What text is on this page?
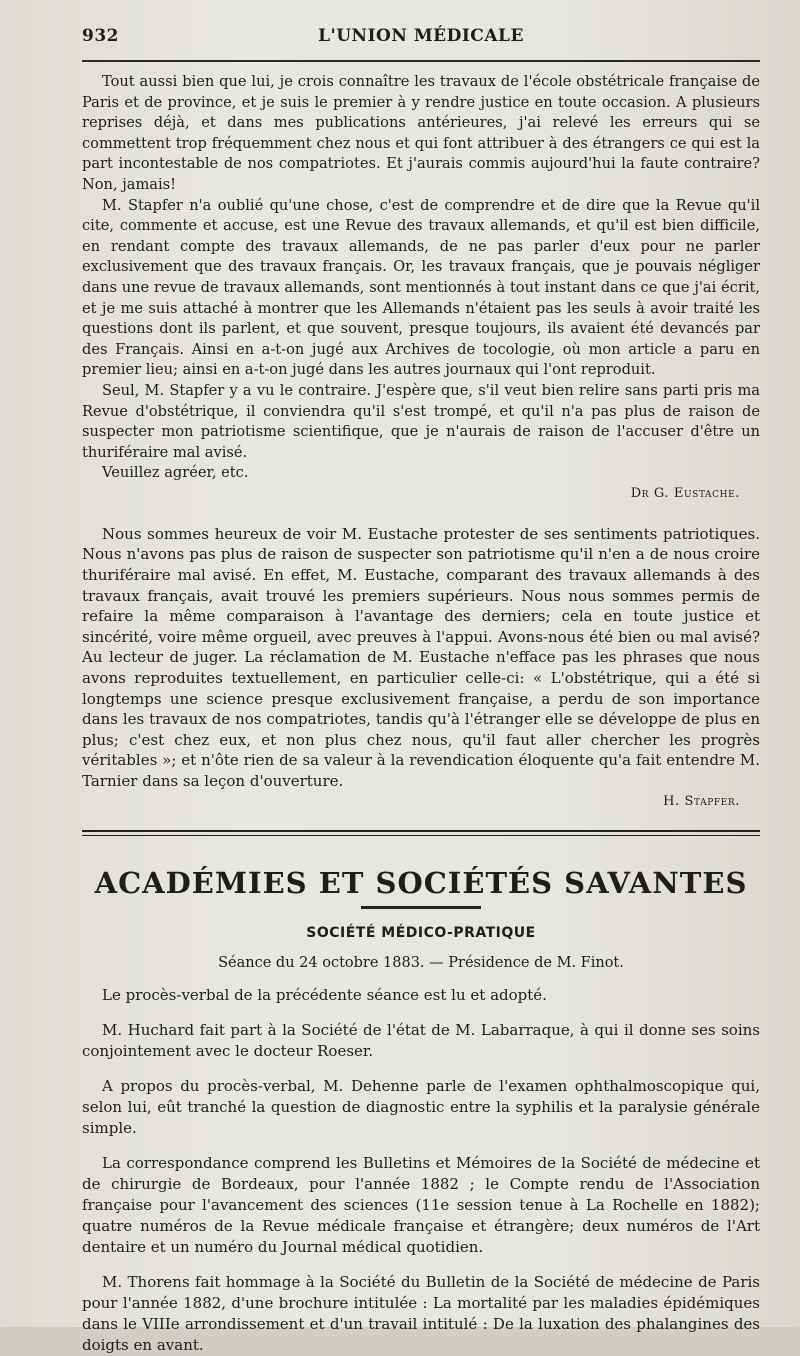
932	L'UNION MÉDICALE

Tout aussi bien que lui, je crois connaître les travaux de l'école obstétricale française de Paris et de province, et je suis le premier à y rendre justice en toute occasion. A plusieurs reprises déjà, et dans mes publications antérieures, j'ai relevé les erreurs qui se commettent trop fréquemment chez nous et qui font attribuer à des étrangers ce qui est la part incontestable de nos compatriotes. Et j'aurais commis aujourd'hui la faute contraire? Non, jamais!

M. Stapfer n'a oublié qu'une chose, c'est de comprendre et de dire que la Revue qu'il cite, commente et accuse, est une Revue des travaux allemands, et qu'il est bien difficile, en rendant compte des travaux allemands, de ne pas parler d'eux pour ne parler exclusivement que des travaux français. Or, les travaux français, que je pouvais négliger dans une revue de travaux allemands, sont mentionnés à tout instant dans ce que j'ai écrit, et je me suis attaché à montrer que les Allemands n'étaient pas les seuls à avoir traité les questions dont ils parlent, et que souvent, presque toujours, ils avaient été devancés par des Français. Ainsi en a-t-on jugé aux Archives de tocologie, où mon article a paru en premier lieu; ainsi en a-t-on jugé dans les autres journaux qui l'ont reproduit.

Seul, M. Stapfer y a vu le contraire. J'espère que, s'il veut bien relire sans parti pris ma Revue d'obstétrique, il conviendra qu'il s'est trompé, et qu'il n'a pas plus de raison de suspecter mon patriotisme scientifique, que je n'aurais de raison de l'accuser d'être un thuriféraire mal avisé.

Veuillez agréer, etc.

Dr G. Eustache.

Nous sommes heureux de voir M. Eustache protester de ses sentiments patriotiques. Nous n'avons pas plus de raison de suspecter son patriotisme qu'il n'en a de nous croire thuriféraire mal avisé. En effet, M. Eustache, comparant des travaux allemands à des travaux français, avait trouvé les premiers supérieurs. Nous nous sommes permis de refaire la même comparaison à l'avantage des derniers; cela en toute justice et sincérité, voire même orgueil, avec preuves à l'appui. Avons-nous été bien ou mal avisé? Au lecteur de juger. La réclamation de M. Eustache n'efface pas les phrases que nous avons reproduites textuellement, en particulier celle-ci: « L'obstétrique, qui a été si longtemps une science presque exclusivement française, a perdu de son importance dans les travaux de nos compatriotes, tandis qu'à l'étranger elle se développe de plus en plus; c'est chez eux, et non plus chez nous, qu'il faut aller chercher les progrès véritables »; et n'ôte rien de sa valeur à la revendication éloquente qu'a fait entendre M. Tarnier dans sa leçon d'ouverture.

H. Stapfer.
ACADÉMIES ET SOCIÉTÉS SAVANTES
SOCIÉTÉ MÉDICO-PRATIQUE
Séance du 24 octobre 1883. — Présidence de M. Finot.

Le procès-verbal de la précédente séance est lu et adopté.

M. Huchard fait part à la Société de l'état de M. Labarraque, à qui il donne ses soins conjointement avec le docteur Roeser.

A propos du procès-verbal, M. Dehenne parle de l'examen ophthalmoscopique qui, selon lui, eût tranché la question de diagnostic entre la syphilis et la paralysie générale simple.

La correspondance comprend les Bulletins et Mémoires de la Société de médecine et de chirurgie de Bordeaux, pour l'année 1882 ; le Compte rendu de l'Association française pour l'avancement des sciences (11e session tenue à La Rochelle en 1882); quatre numéros de la Revue médicale française et étrangère; deux numéros de l'Art dentaire et un numéro du Journal médical quotidien.

M. Thorens fait hommage à la Société du Bulletin de la Société de médecine de Paris pour l'année 1882, d'une brochure intitulée : La mortalité par les maladies épidémiques dans le VIIIe arrondissement et d'un travail intitulé : De la luxation des phalangines des doigts en avant.
